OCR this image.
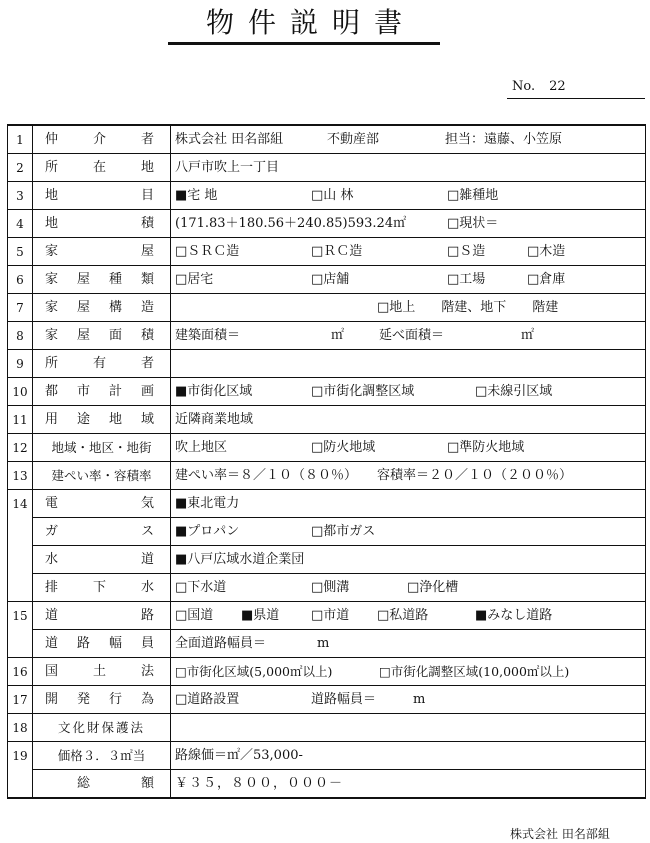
物件説明書
No. 22
1	仲 介 者	株式会社 田名部組 不動産部 担当：遠藤、小笠原

2	所 在 地	八戸市吹上一丁目

3	地 目	■宅 地 □山 林 □雑種地

4	地 積	(171.83＋180.56＋240.85)593.24㎡ □現状＝

5	家 屋	□ＳＲＣ造 □ＲＣ造 □Ｓ造 □木造

6	家 屋 種 類	□居宅 □店舗 □工場 □倉庫

7	家 屋 構 造	□地上　　階建、地下　　階建

8	家 屋 面 積	建築面積＝ ㎡ 延べ面積＝ ㎡

9	所 有 者	

10	都 市 計 画	■市街化区域 □市街化調整区域 □未線引区域

11	用 途 地 域	近隣商業地域

12	地域・地区・地街	吹上地区 □防火地域 □準防火地域

13	建ぺい率・容積率	建ぺい率＝８／１０（８０％） 容積率＝２０／１０（２００％）

14	電 気	■東北電力

	ガ ス	■プロパン □都市ガス

	水 道	■八戸広域水道企業団

	排 下 水	□下水道 □側溝 □浄化槽

15	道 路	□国道 ■県道 □市道 □私道路 ■みなし道路

	道 路 幅 員	全面道路幅員＝ m

16	国 土 法	□市街化区域(5,000㎡以上) □市街化調整区域(10,000㎡以上)

17	開 発 行 為	□道路設置 道路幅員＝ m

18	文化財保護法	

19	価格３．３㎡当	路線価＝㎡／53,000-

	総 額	￥３５，８００，０００－
株式会社 田名部組
